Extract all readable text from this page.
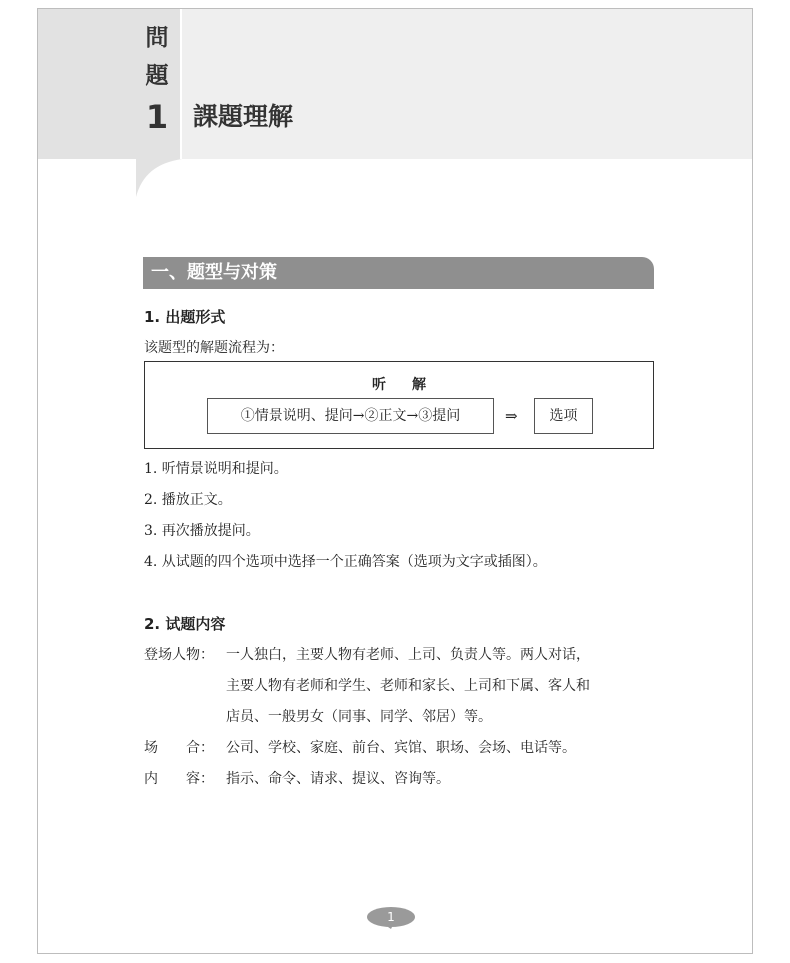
問
題
1 課題理解
一、题型与对策
1. 出题形式
该题型的解题流程为：
听解
①情景说明、提问→②正文→③提问	⇒	选项
1. 听情景说明和提问。
2. 播放正文。
3. 再次播放提问。
4. 从试题的四个选项中选择一个正确答案（选项为文字或插图）。
2. 试题内容
登场人物： 一人独白，主要人物有老师、上司、负责人等。两人对话，
主要人物有老师和学生、老师和家长、上司和下属、客人和
店员、一般男女（同事、同学、邻居）等。
场　　合： 公司、学校、家庭、前台、宾馆、职场、会场、电话等。
内　　容： 指示、命令、请求、提议、咨询等。
1
